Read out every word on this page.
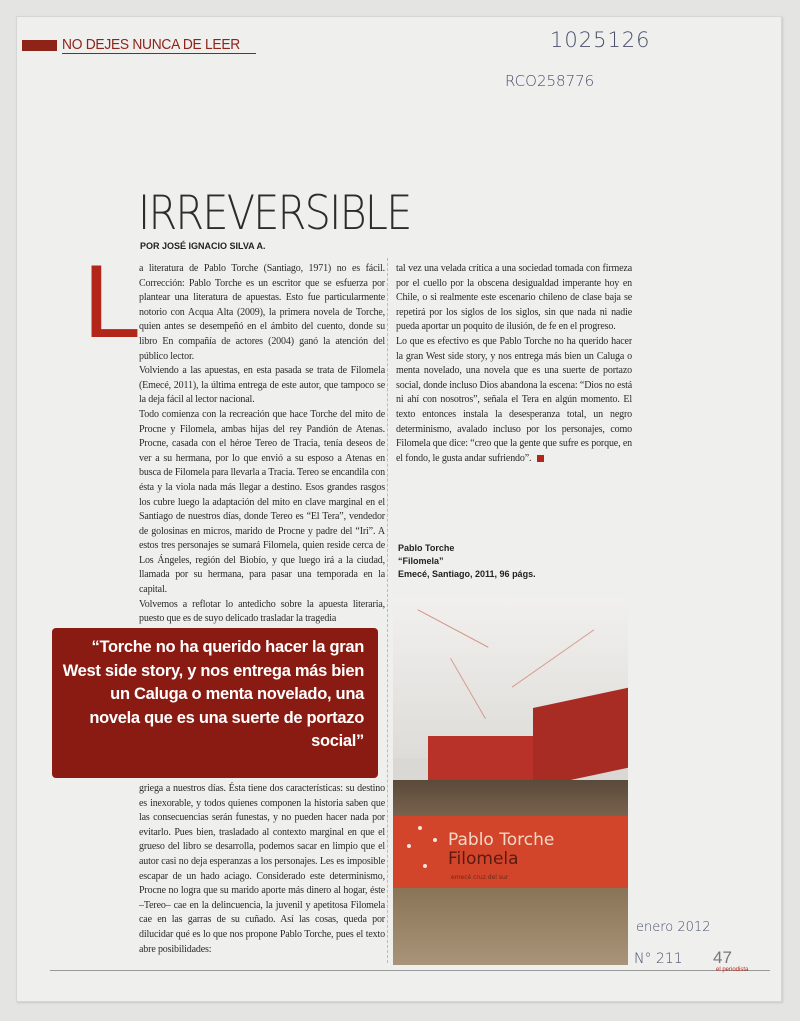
NO DEJES NUNCA DE LEER	1025126
RCO258776
IRREVERSIBLE
POR JOSÉ IGNACIO SILVA A.
L

a literatura de Pablo Torche (Santiago, 1971) no es fácil. Corrección: Pablo Torche es un escritor que se esfuerza por plantear una literatura de apuestas. Esto fue particularmente notorio con Acqua Alta (2009), la primera novela de Torche, quien antes se desempeñó en el ámbito del cuento, donde su libro En compañía de actores (2004) ganó la atención del público lector.

Volviendo a las apuestas, en esta pasada se trata de Filomela (Emecé, 2011), la última entrega de este autor, que tampoco se la deja fácil al lector nacional.

Todo comienza con la recreación que hace Torche del mito de Procne y Filomela, ambas hijas del rey Pandión de Atenas. Procne, casada con el héroe Tereo de Tracia, tenía deseos de ver a su hermana, por lo que envió a su esposo a Atenas en busca de Filomela para llevarla a Tracia. Tereo se encandila con ésta y la viola nada más llegar a destino. Esos grandes rasgos los cubre luego la adaptación del mito en clave marginal en el Santiago de nuestros días, donde Tereo es “El Tera”, vendedor de golosinas en micros, marido de Procne y padre del “Iri”. A estos tres personajes se sumará Filomela, quien reside cerca de Los Ángeles, región del Biobío, y que luego irá a la ciudad, llamada por su hermana, para pasar una temporada en la capital.

Volvemos a reflotar lo antedicho sobre la apuesta literaria, puesto que es de suyo delicado trasladar la tragedia

“Torche no ha querido hacer la gran West side story, y nos entrega más bien un Caluga o menta novelado, una novela que es una suerte de portazo social”

griega a nuestros días. Ésta tiene dos características: su destino es inexorable, y todos quienes componen la historia saben que las consecuencias serán funestas, y no pueden hacer nada por evitarlo. Pues bien, trasladado al contexto marginal en que el grueso del libro se desarrolla, podemos sacar en limpio que el autor casi no deja esperanzas a los personajes. Les es imposible escapar de un hado aciago. Considerado este determinismo, Procne no logra que su marido aporte más dinero al hogar, éste –Tereo– cae en la delincuencia, la juvenil y apetitosa Filomela cae en las garras de su cuñado. Así las cosas, queda por dilucidar qué es lo que nos propone Pablo Torche, pues el texto abre posibilidades:

tal vez una velada crítica a una sociedad tomada con firmeza por el cuello por la obscena desigualdad imperante hoy en Chile, o si realmente este escenario chileno de clase baja se repetirá por los siglos de los siglos, sin que nada ni nadie pueda aportar un poquito de ilusión, de fe en el progreso.

Lo que es efectivo es que Pablo Torche no ha querido hacer la gran West side story, y nos entrega más bien un Caluga o menta novelado, una novela que es una suerte de portazo social, donde incluso Dios abandona la escena: “Dios no está ni ahí con nosotros”, señala el Tera en algún momento. El texto entonces instala la desesperanza total, un negro determinismo, avalado incluso por los personajes, como Filomela que dice: “creo que la gente que sufre es porque, en el fondo, le gusta andar sufriendo”.

Pablo Torche
“Filomela”
Emecé, Santiago, 2011, 96 págs.
Pablo Torche
Filomela
emecé cruz del sur
enero 2012
N° 211 47
el periodista
